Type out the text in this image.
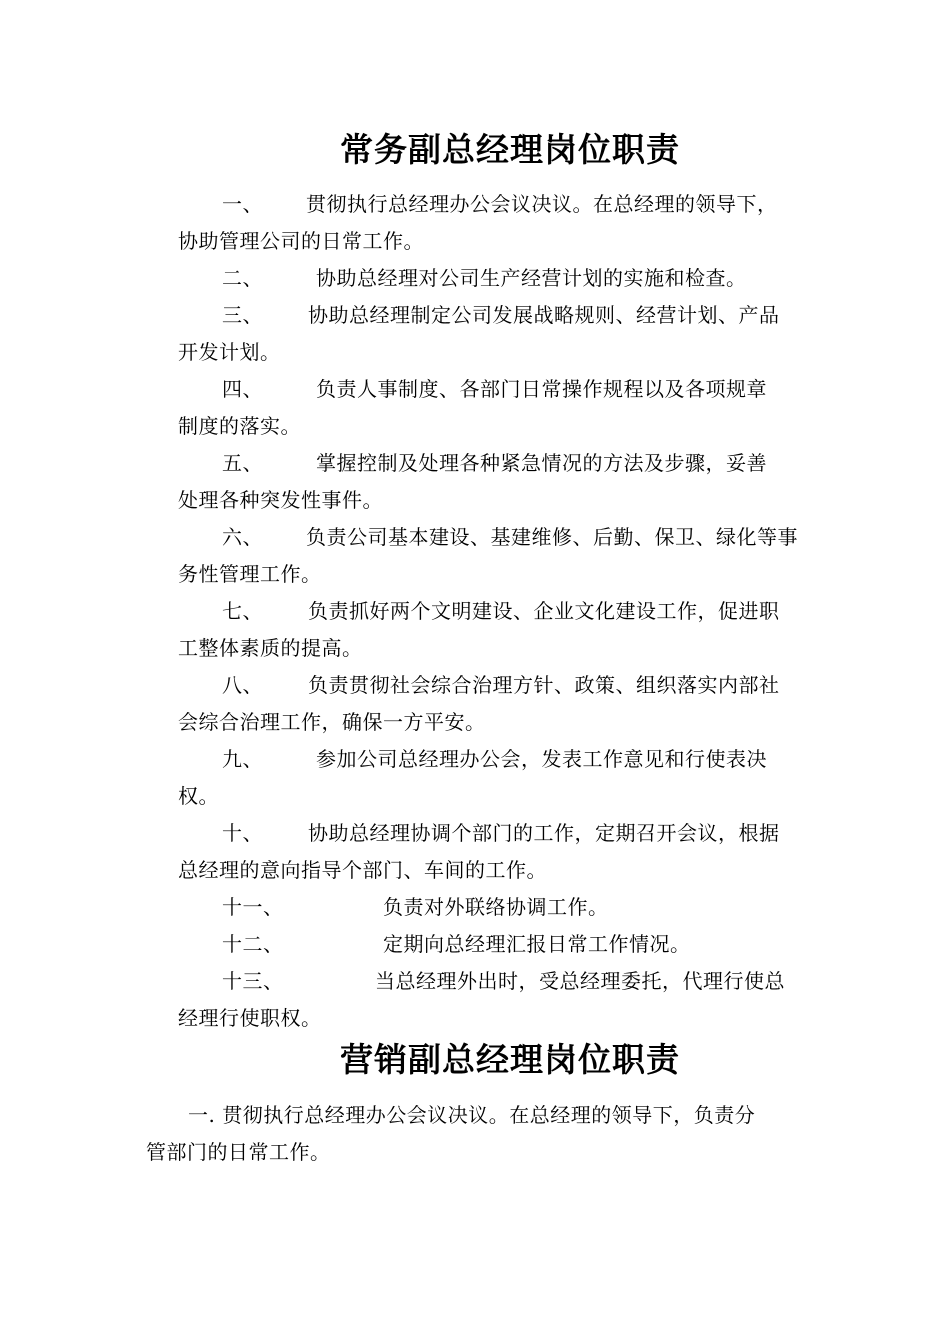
常务副总经理岗位职责
一、 贯彻执行总经理办公会议决议。在总经理的领导下，
协助管理公司的日常工作。
二、	协助总经理对公司生产经营计划的实施和检查。
三、 协助总经理制定公司发展战略规则、经营计划、产品
开发计划。
四、	负责人事制度、各部门日常操作规程以及各项规章
制度的落实。
五、	掌握控制及处理各种紧急情况的方法及步骤，妥善
处理各种突发性事件。
六、 负责公司基本建设、基建维修、后勤、保卫、绿化等事
务性管理工作。
七、 负责抓好两个文明建设、企业文化建设工作，促进职
工整体素质的提高。
八、 负责贯彻社会综合治理方针、政策、组织落实内部社
会综合治理工作，确保一方平安。
九、	参加公司总经理办公会，发表工作意见和行使表决
权。
十、 协助总经理协调个部门的工作，定期召开会议，根据
总经理的意向指导个部门、车间的工作。
十一、	负责对外联络协调工作。
十二、	定期向总经理汇报日常工作情况。
十三、	当总经理外出时，受总经理委托，代理行使总
经理行使职权。
营销副总经理岗位职责
一. 贯彻执行总经理办公会议决议。在总经理的领导下，负责分
管部门的日常工作。
